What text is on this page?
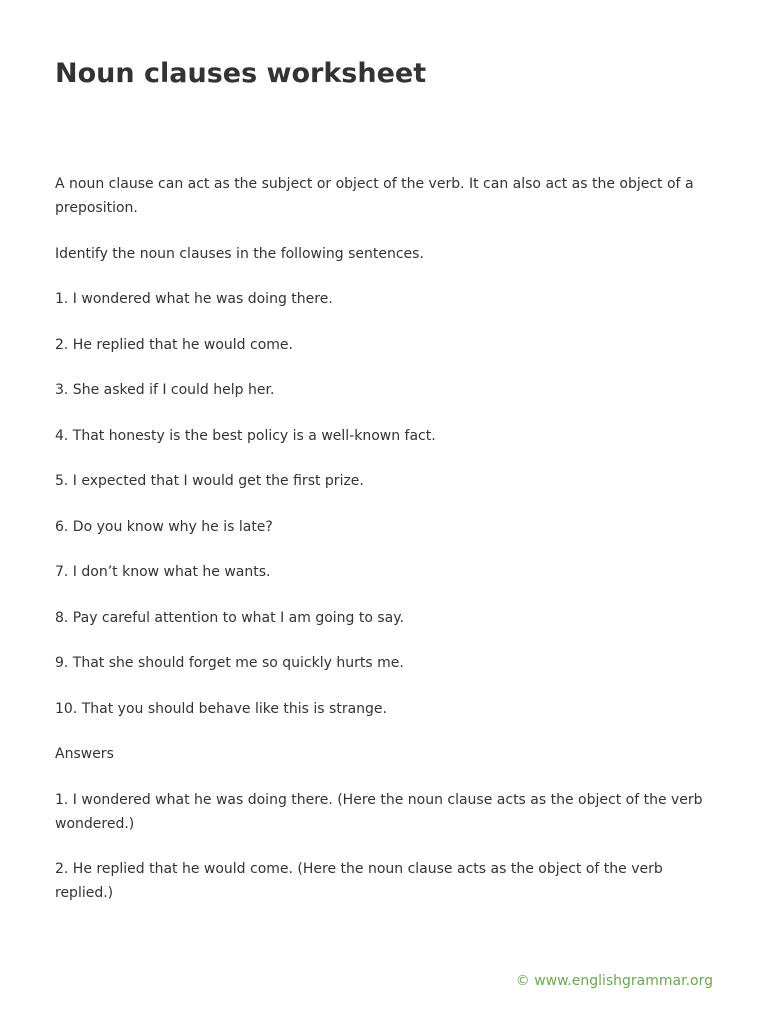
Noun clauses worksheet

A noun clause can act as the subject or object of the verb. It can also act as the object of a preposition.

Identify the noun clauses in the following sentences.

1. I wondered what he was doing there.

2. He replied that he would come.

3. She asked if I could help her.

4. That honesty is the best policy is a well-known fact.

5. I expected that I would get the first prize.

6. Do you know why he is late?

7. I don’t know what he wants.

8. Pay careful attention to what I am going to say.

9. That she should forget me so quickly hurts me.

10. That you should behave like this is strange.

Answers

1. I wondered what he was doing there. (Here the noun clause acts as the object of the verb wondered.)

2. He replied that he would come. (Here the noun clause acts as the object of the verb replied.)

© www.englishgrammar.org
